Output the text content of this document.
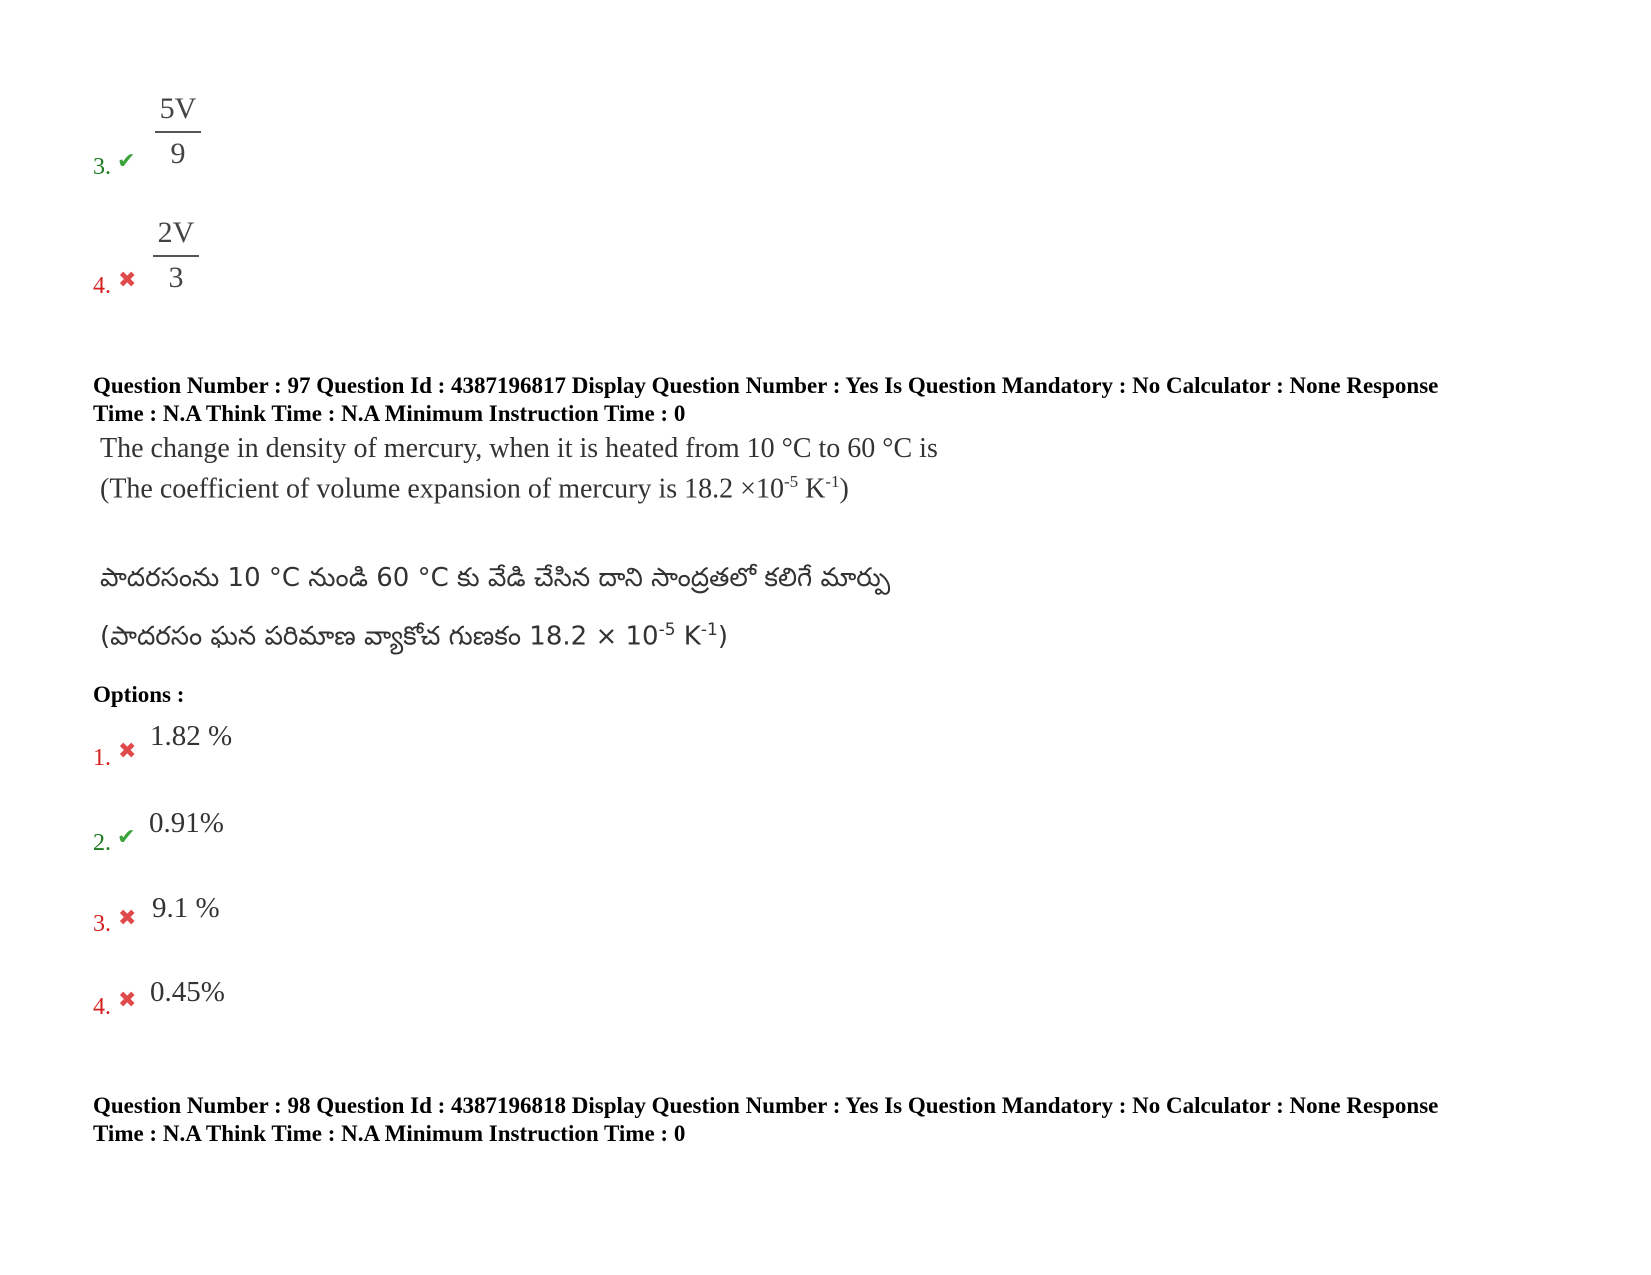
3. ✔
5V
9
4. ✖
2V
3
Question Number : 97 Question Id : 4387196817 Display Question Number : Yes Is Question Mandatory : No Calculator : None Response
Time : N.A Think Time : N.A Minimum Instruction Time : 0
The change in density of mercury, when it is heated from 10 °C to 60 °C is
(The coefficient of volume expansion of mercury is $18.2 \times 10^{-5}$ $K^{-1}$)
పాదరసంను 10 °C నుండి 60 °C కు వేడి చేసిన దాని సాంద్రతలో కలిగే మార్పు
(పాదరసం ఘన పరిమాణ వ్యాకోచ గుణకం $18.2 \times 10^{-5}$ $K^{-1}$)
Options :
1. ✖ 1.82 %
2. ✔ 0.91%
3. ✖ 9.1 %
4. ✖ 0.45%
Question Number : 98 Question Id : 4387196818 Display Question Number : Yes Is Question Mandatory : No Calculator : None Response
Time : N.A Think Time : N.A Minimum Instruction Time : 0
